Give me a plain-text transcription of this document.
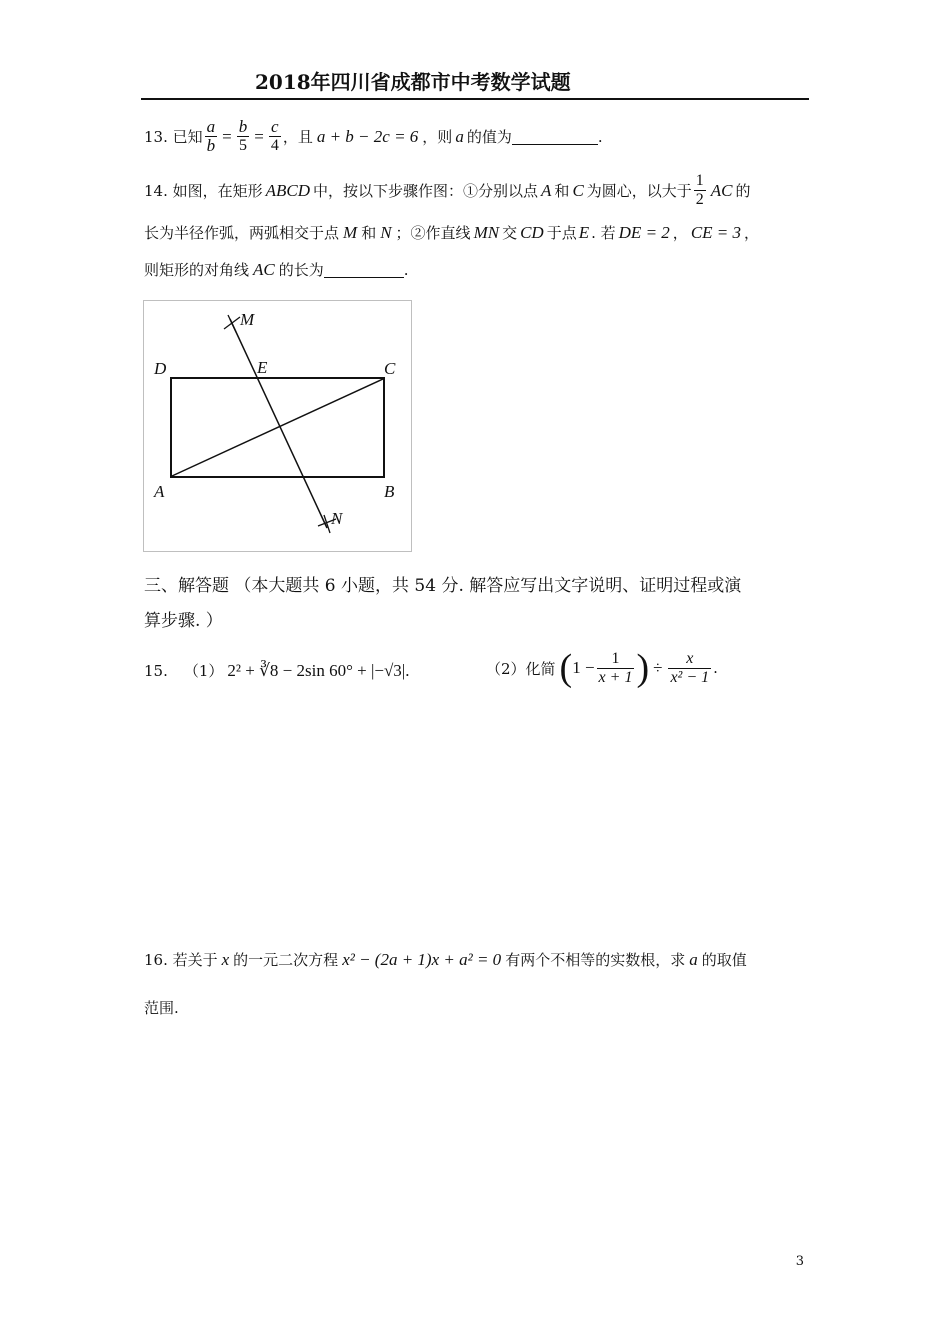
2018年四川省成都市中考数学试题
13. 已知 $\frac{a}{b} = \frac{b}{5} = \frac{c}{4}$ ，且 a + b − 2c = 6 ，则 a 的值为	.
14. 如图，在矩形 ABCD 中，按以下步骤作图：①分别以点 A 和 C 为圆心，以大于 $\frac{1}{2}$ AC 的
长为半径作弧，两弧相交于点 M 和 N ；②作直线 MN 交 CD 于点 E . 若 DE = 2 ， CE = 3 ，
则矩形的对角线 AC 的长为	.
M
E
D	C
A	B
N
三、解答题 （本大题共 6 小题，共 54 分. 解答应写出文字说明、证明过程或演
算步骤. ）
15. （1） 2² + ∛8 − 2sin 60° + |−√3|.	（2）化简 ( $1 - \frac{1}{x + 1}$ ) ÷ $\frac{x}{\text{x² − 1}}$ .
16. 若关于 x 的一元二次方程 x² − (2a + 1)x + a² = 0 有两个不相等的实数根，求 a 的取值
范围.
3
